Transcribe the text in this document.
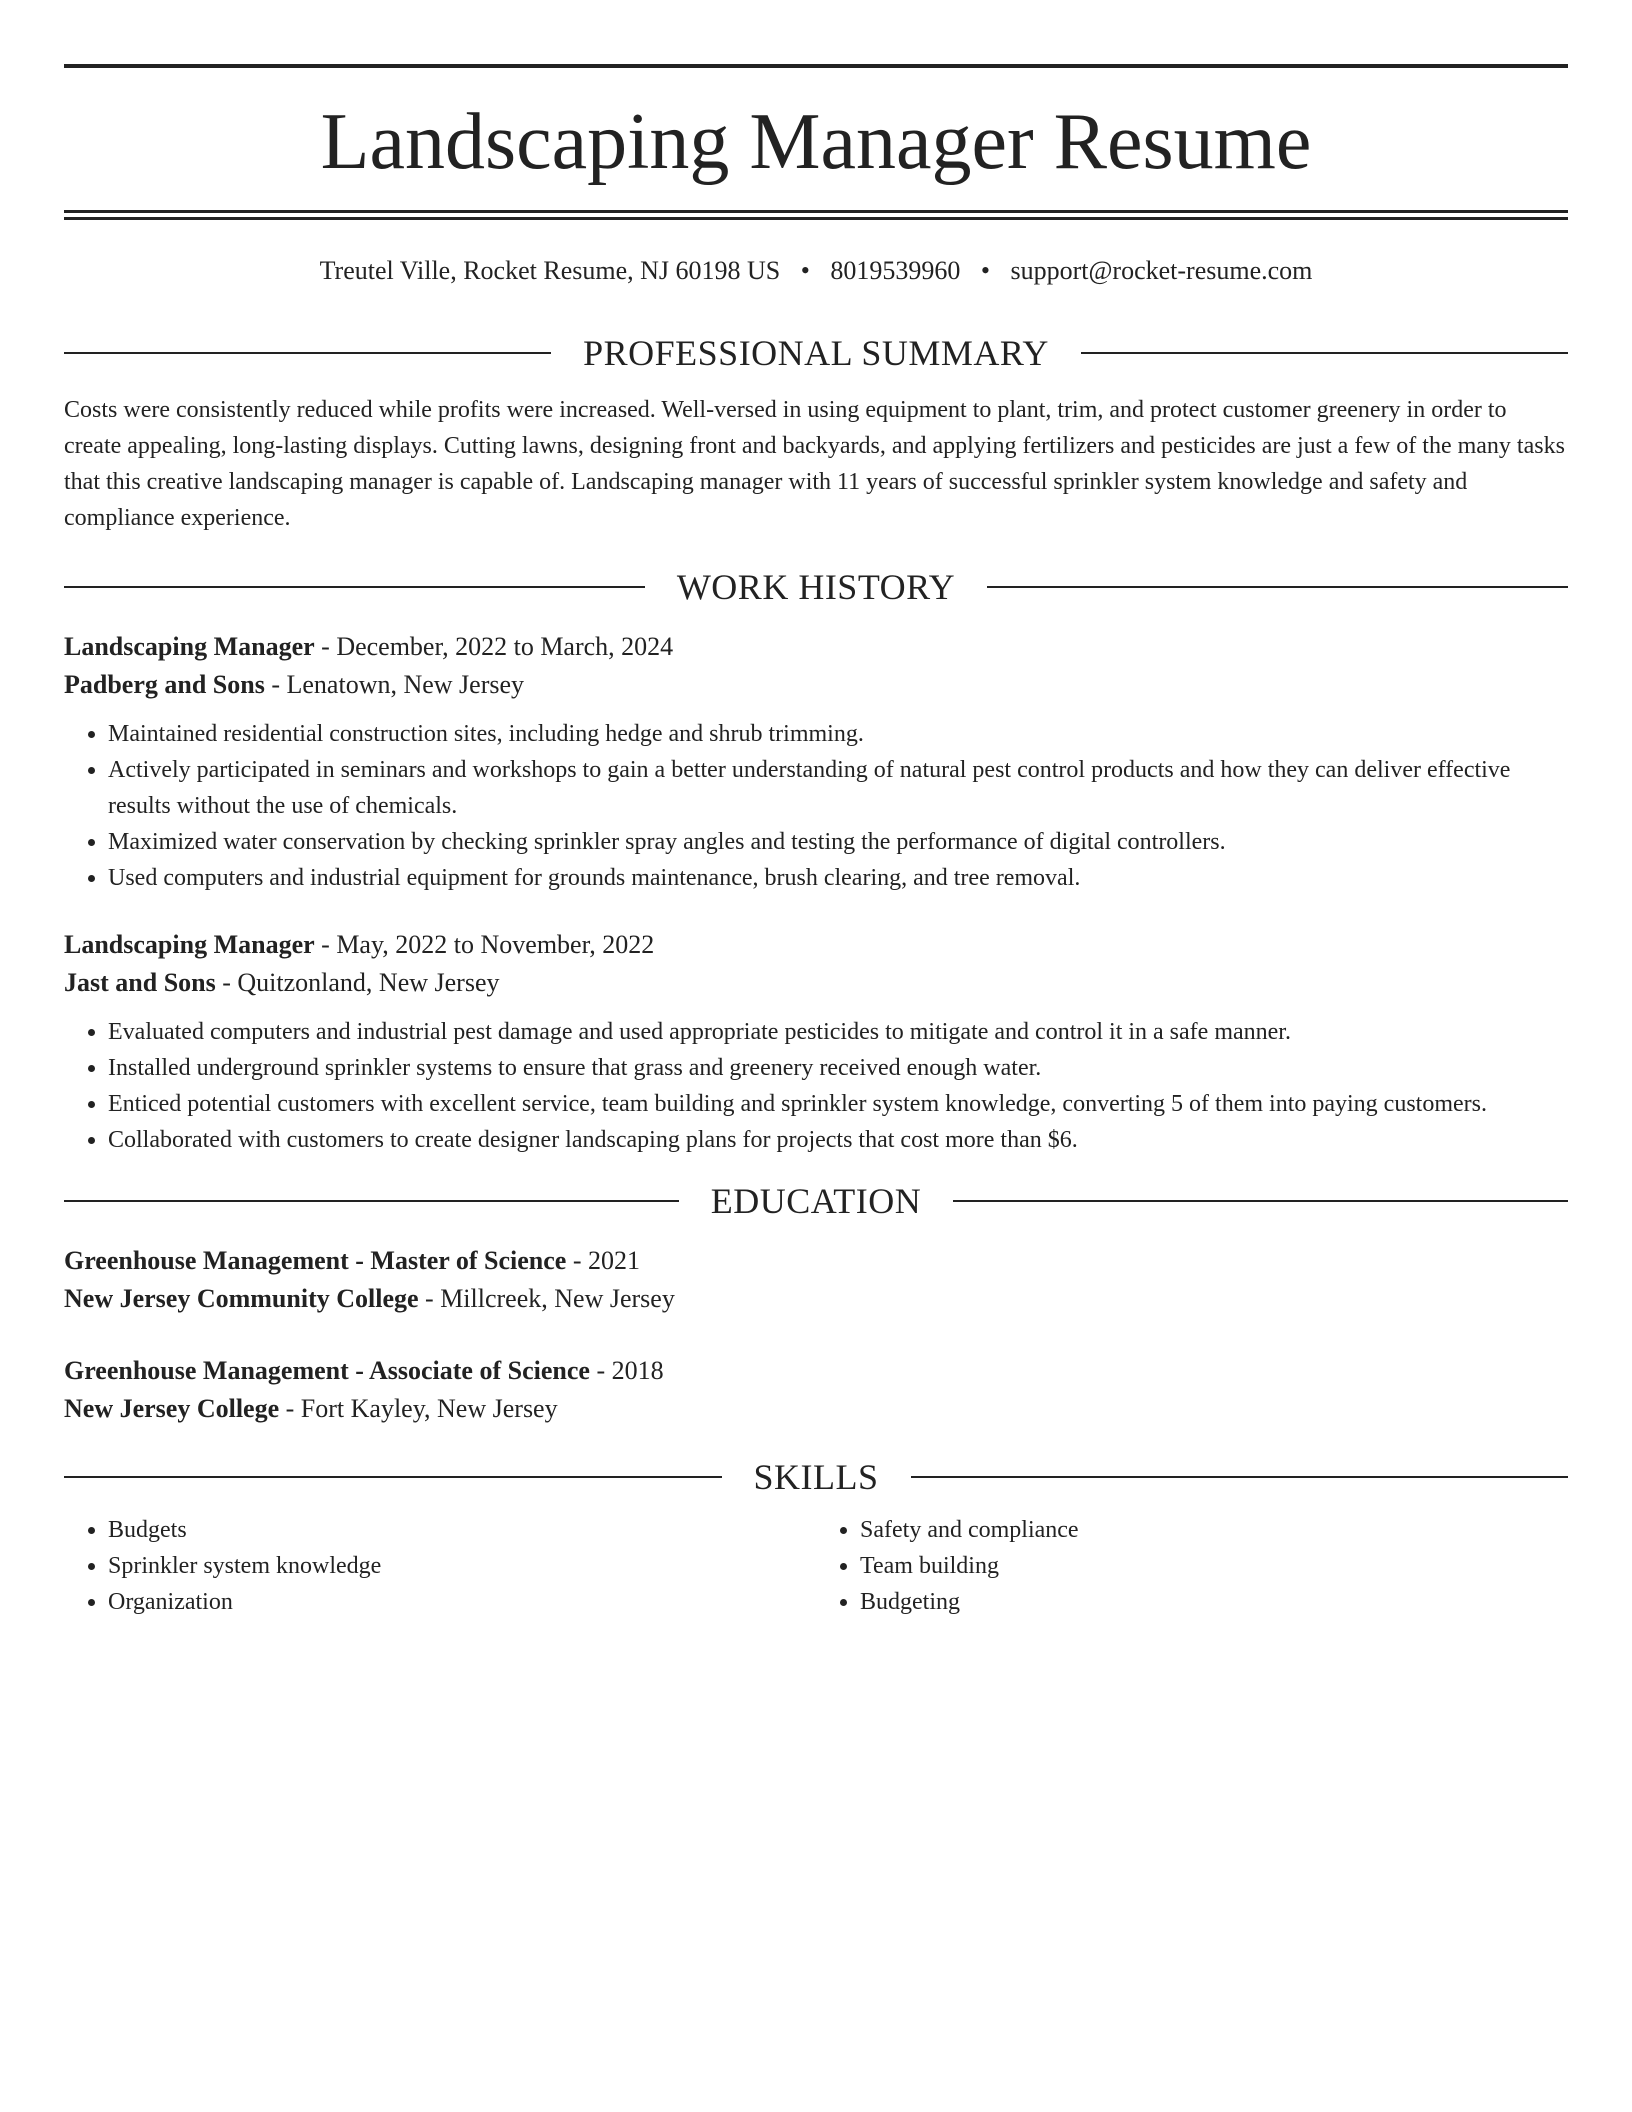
Landscaping Manager Resume
Treutel Ville, Rocket Resume, NJ 60198 US • 8019539960 • support@rocket-resume.com
PROFESSIONAL SUMMARY
Costs were consistently reduced while profits were increased. Well-versed in using equipment to plant, trim, and protect customer greenery in order to create appealing, long-lasting displays. Cutting lawns, designing front and backyards, and applying fertilizers and pesticides are just a few of the many tasks that this creative landscaping manager is capable of. Landscaping manager with 11 years of successful sprinkler system knowledge and safety and compliance experience.
WORK HISTORY
Landscaping Manager - December, 2022 to March, 2024
Padberg and Sons - Lenatown, New Jersey
• Maintained residential construction sites, including hedge and shrub trimming.
• Actively participated in seminars and workshops to gain a better understanding of natural pest control products and how they can deliver effective results without the use of chemicals.
• Maximized water conservation by checking sprinkler spray angles and testing the performance of digital controllers.
• Used computers and industrial equipment for grounds maintenance, brush clearing, and tree removal.
Landscaping Manager - May, 2022 to November, 2022
Jast and Sons - Quitzonland, New Jersey
• Evaluated computers and industrial pest damage and used appropriate pesticides to mitigate and control it in a safe manner.
• Installed underground sprinkler systems to ensure that grass and greenery received enough water.
• Enticed potential customers with excellent service, team building and sprinkler system knowledge, converting 5 of them into paying customers.
• Collaborated with customers to create designer landscaping plans for projects that cost more than $6.
EDUCATION
Greenhouse Management - Master of Science - 2021
New Jersey Community College - Millcreek, New Jersey
Greenhouse Management - Associate of Science - 2018
New Jersey College - Fort Kayley, New Jersey
SKILLS
• Budgets
• Sprinkler system knowledge
• Organization
• Safety and compliance
• Team building
• Budgeting
